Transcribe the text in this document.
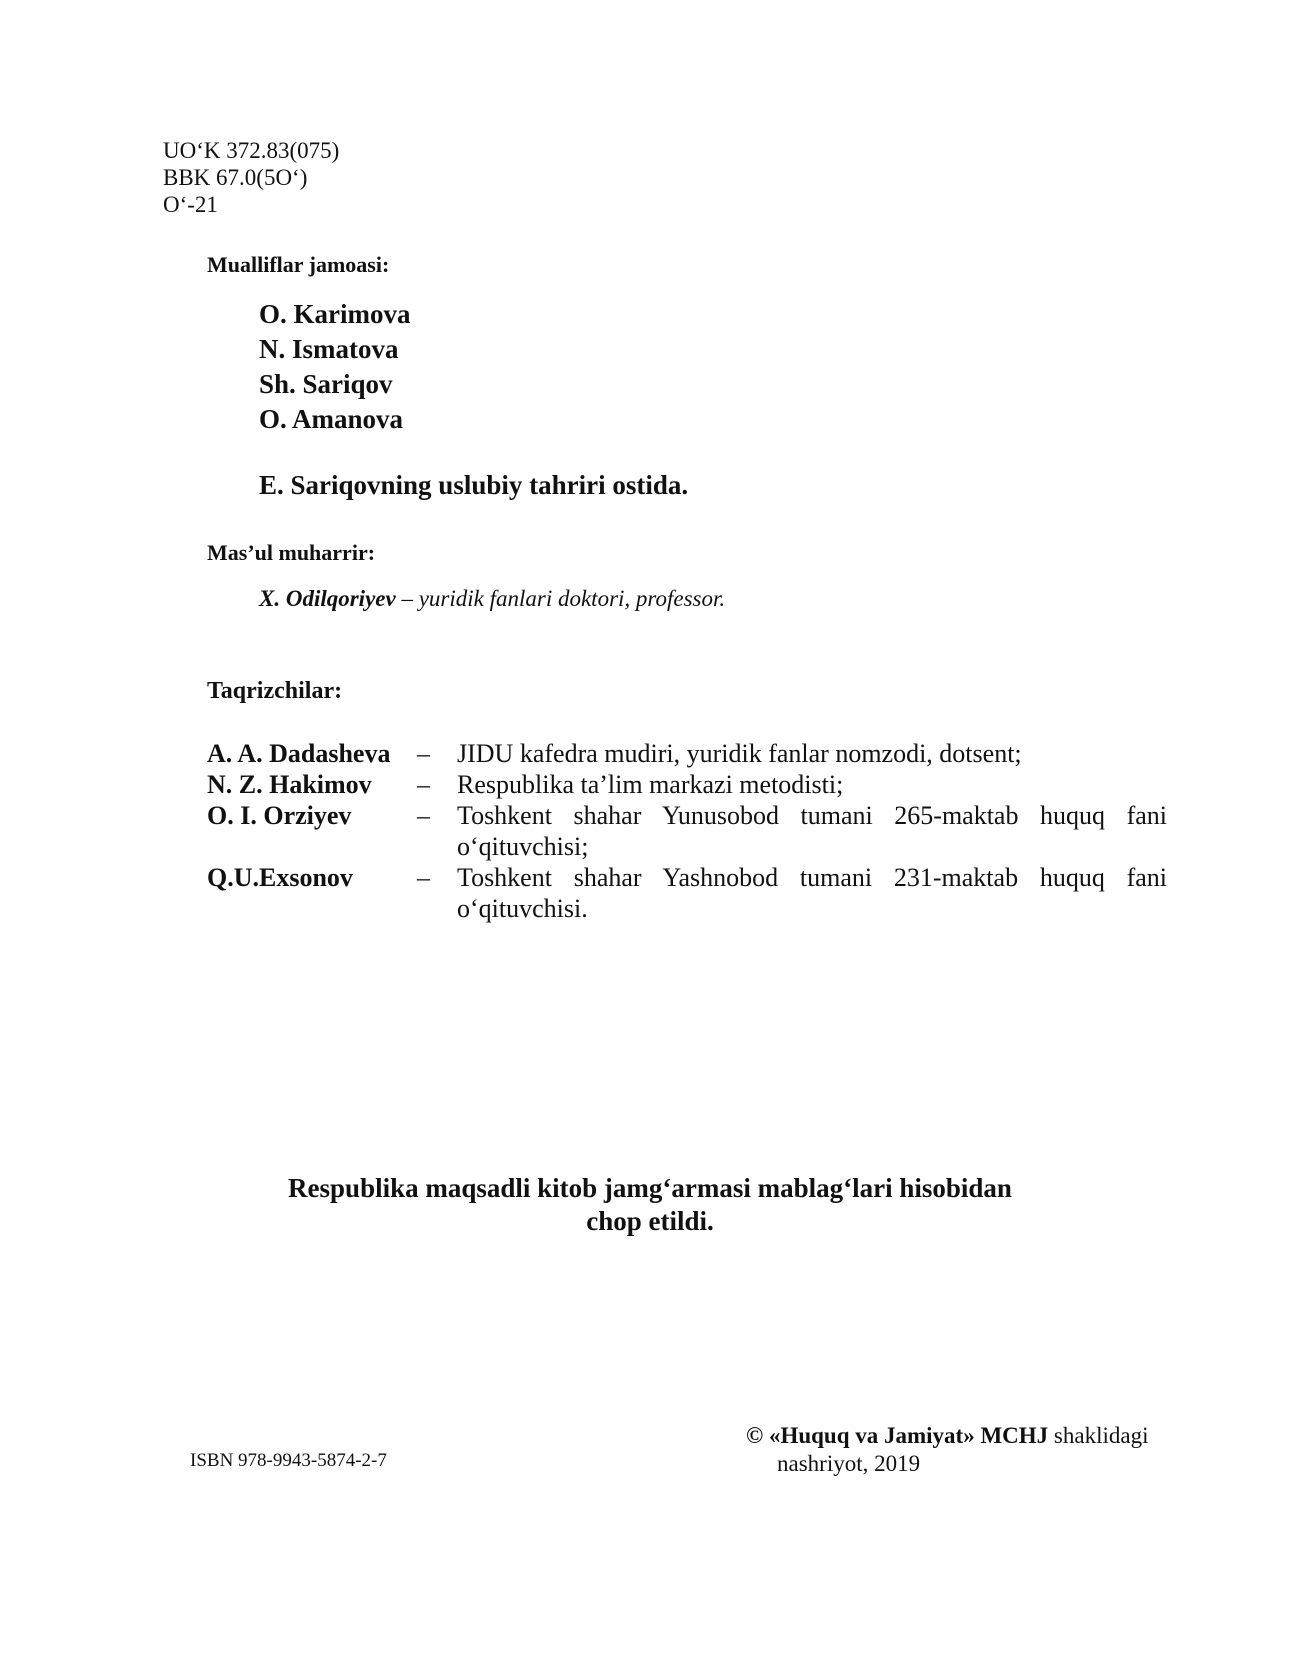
UO‘K 372.83(075)
BBK 67.0(5O‘)
O‘-21
Mualliflar jamoasi:
O. Karimova
N. Ismatova
Sh. Sariqov
O. Amanova
E. Sariqovning uslubiy tahriri ostida.
Mas’ul muharrir:
X. Odilqoriyev – yuridik fanlari doktori, professor.
Taqrizchilar:
A. A. Dadasheva	–	JIDU kafedra mudiri, yuridik fanlar nomzodi, dotsent;
N. Z. Hakimov	–	Respublika ta’lim markazi metodisti;
O. I. Orziyev	–	Toshkent shahar Yunusobod tumani 265-maktab huquq fani o‘qituvchisi;
Q.U.Exsonov	–	Toshkent shahar Yashnobod tumani 231-maktab huquq fani o‘qituvchisi.
Respublika maqsadli kitob jamg‘armasi mablag‘lari hisobidan
chop etildi.
ISBN 978-9943-5874-2-7
© «Huquq va Jamiyat» MCHJ shaklidagi
nashriyot, 2019
